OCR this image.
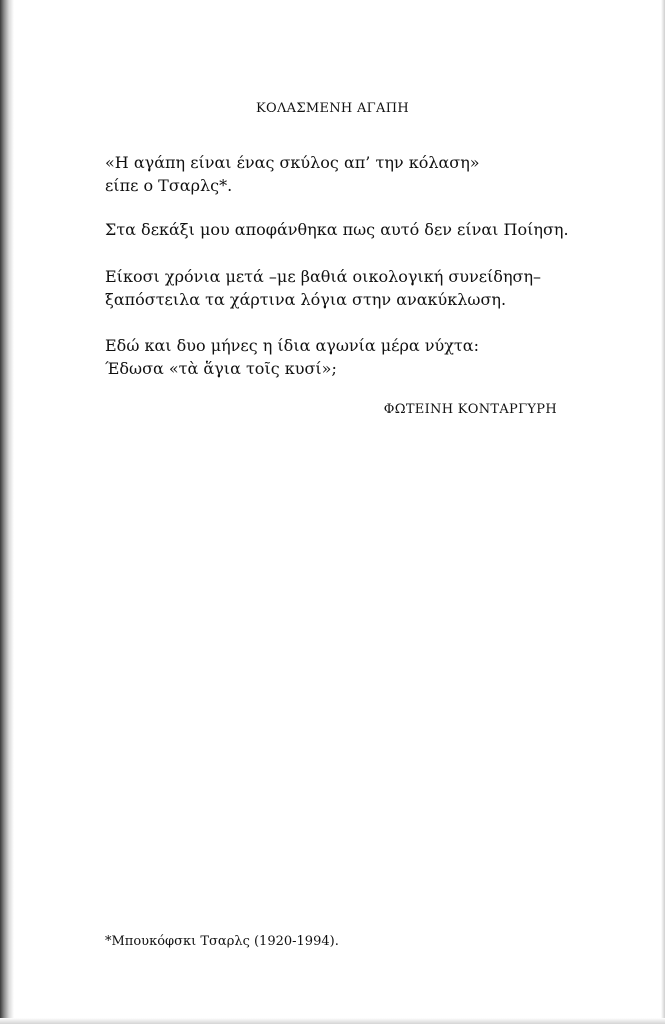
ΚΟΛΑΣΜΕΝΗ ΑΓΑΠΗ
«Η αγάπη είναι ένας σκύλος απ’ την κόλαση»
είπε ο Τσαρλς*.
Στα δεκάξι μου αποφάνθηκα πως αυτό δεν είναι Ποίηση.
Είκοσι χρόνια μετά –με βαθιά οικολογική συνείδηση–
ξαπόστειλα τα χάρτινα λόγια στην ανακύκλωση.
Εδώ και δυο μήνες η ίδια αγωνία μέρα νύχτα:
Έδωσα «τὰ ἅγια τοῖς κυσί»;
ΦΩΤΕΙΝΗ ΚΟΝΤΑΡΓΥΡΗ
*Μπουκόφσκι Τσαρλς (1920-1994).
